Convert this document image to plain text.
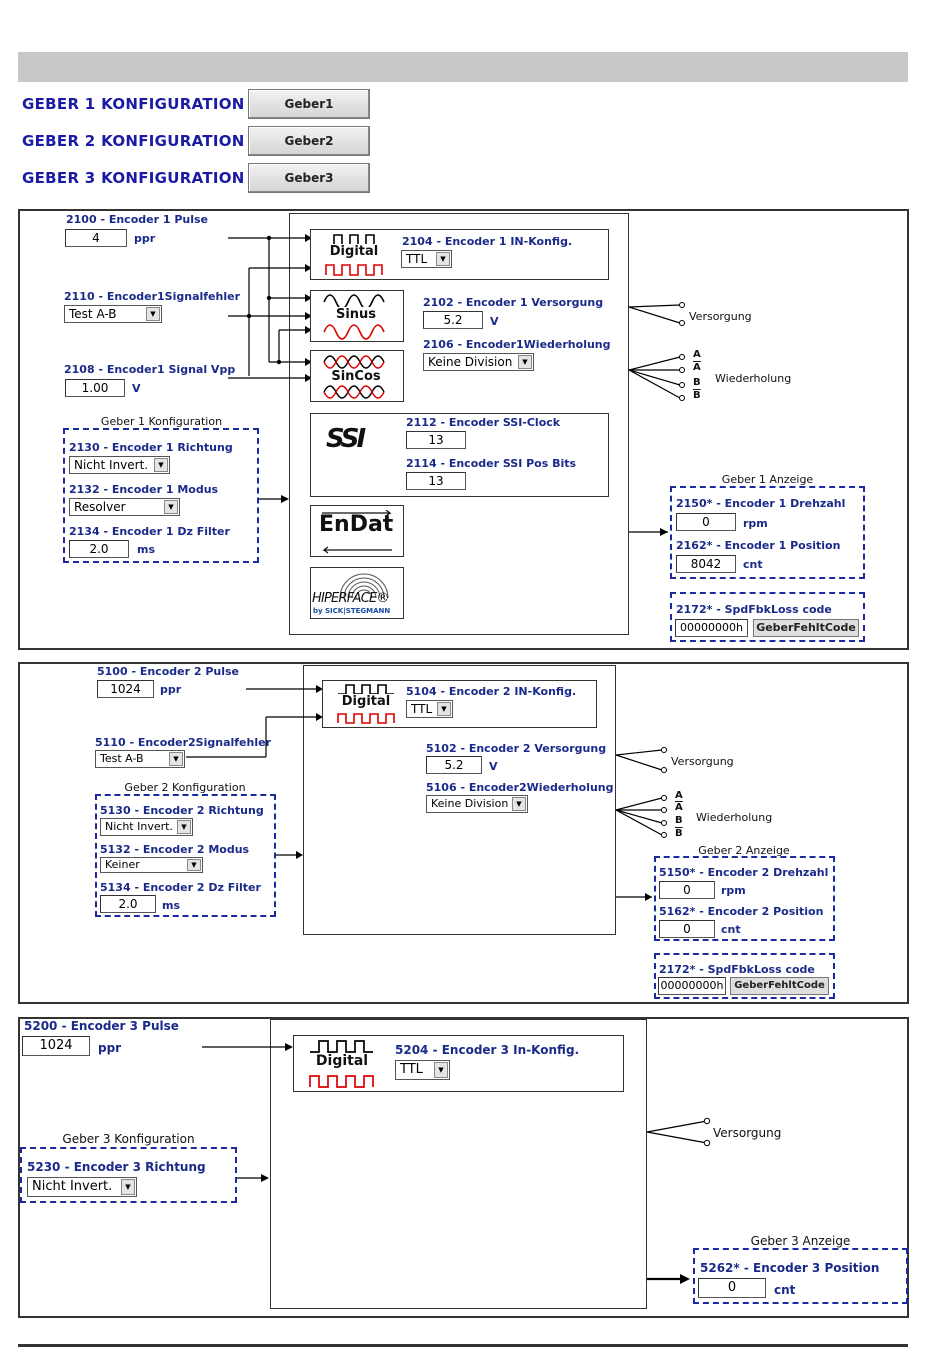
GEBER 1 KONFIGURATION	Geber1
GEBER 2 KONFIGURATION	Geber2
GEBER 3 KONFIGURATION	Geber3
2100 - Encoder 1 Pulse
4	ppr
2110 - Encoder1Signalfehler
Test A-B	▼
2108 - Encoder1 Signal Vpp
1.00	V
Geber 1 Konfiguration
2130 - Encoder 1 Richtung
Nicht Invert.	▼
2132 - Encoder 1 Modus
Resolver	▼
2134 - Encoder 1 Dz Filter
2.0	ms
Digital
2104 - Encoder 1 IN-Konfig.
TTL	▼
Sinus
SinCos
2102 - Encoder 1 Versorgung
5.2	V
2106 - Encoder1Wiederholung
Keine Division	▼
SSI
2112 - Encoder SSI-Clock
13
2114 - Encoder SSI Pos Bits
13
EnDat
HIPERFACE®
by SICK|STEGMANN
Versorgung
A
$\overline{A}$
B
$\overline{B}$
Wiederholung
Geber 1 Anzeige
2150* - Encoder 1 Drehzahl
0	rpm
2162* - Encoder 1 Position
8042	cnt
2172* - SpdFbkLoss code
00000000h	GeberFehltCode
5100 - Encoder 2 Pulse
1024	ppr
5110 - Encoder2Signalfehler
Test A-B	▼
Geber 2 Konfiguration
5130 - Encoder 2 Richtung
Nicht Invert.	▼
5132 - Encoder 2 Modus
Keiner	▼
5134 - Encoder 2 Dz Filter
2.0	ms
Digital
5104 - Encoder 2 IN-Konfig.
TTL	▼
5102 - Encoder 2 Versorgung
5.2	V
5106 - Encoder2Wiederholung
Keine Division	▼
Versorgung
A
$\overline{A}$
B
$\overline{B}$
Wiederholung
Geber 2 Anzeige
5150* - Encoder 2 Drehzahl
0	rpm
5162* - Encoder 2 Position
0	cnt
2172* - SpdFbkLoss code
00000000h	GeberFehltCode
5200 - Encoder 3 Pulse
1024	ppr
Geber 3 Konfiguration
5230 - Encoder 3 Richtung
Nicht Invert.	▼
Digital
5204 - Encoder 3 In-Konfig.
TTL	▼
Versorgung
Geber 3 Anzeige
5262* - Encoder 3 Position
0	cnt
